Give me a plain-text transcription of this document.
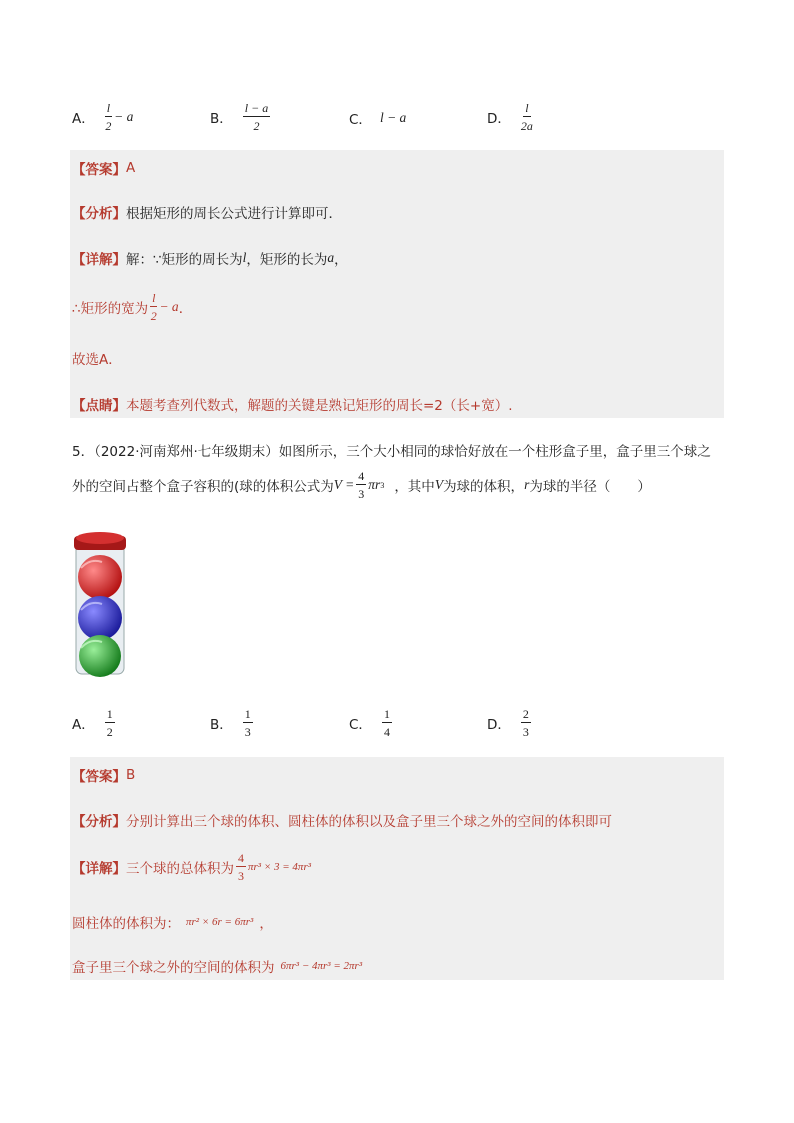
A． $\frac{l}{2} - a$	B． $\frac{l - a}{2}$	C． l − a	D． $\frac{l}{2a}$
【答案】 A
【分析】 根据矩形的周长公式进行计算即可．
【详解】 解：∵矩形的周长为 l ，矩形的长为 a ，
∴矩形的宽为 $\frac{l}{2} - a$ ．
故选A．
【点睛】 本题考查列代数式，解题的关键是熟记矩形的周长=2（长+宽）.
5．（2022·河南郑州·七年级期末）如图所示，三个大小相同的球恰好放在一个柱形盒子里，盒子里三个球之
外的空间占整个盒子容积的(球的体积公式为 $V = \frac{4}{3}$ πr 3 ，其中 V 为球的体积， r 为球的半径（　　）
A． $\frac{1}{2}$	B． $\frac{1}{3}$	C． $\frac{1}{4}$	D． $\frac{2}{3}$
【答案】 B
【分析】 分别计算出三个球的体积、圆柱体的体积以及盒子里三个球之外的空间的体积即可
【详解】 三个球的总体积为 $\frac{4}{3} \pi r^3 \times 3 = 4\pi r^3$
圆柱体的体积为： πr² × 6r = 6πr³ ，
盒子里三个球之外的空间的体积为 6πr³ − 4πr³ = 2πr³
